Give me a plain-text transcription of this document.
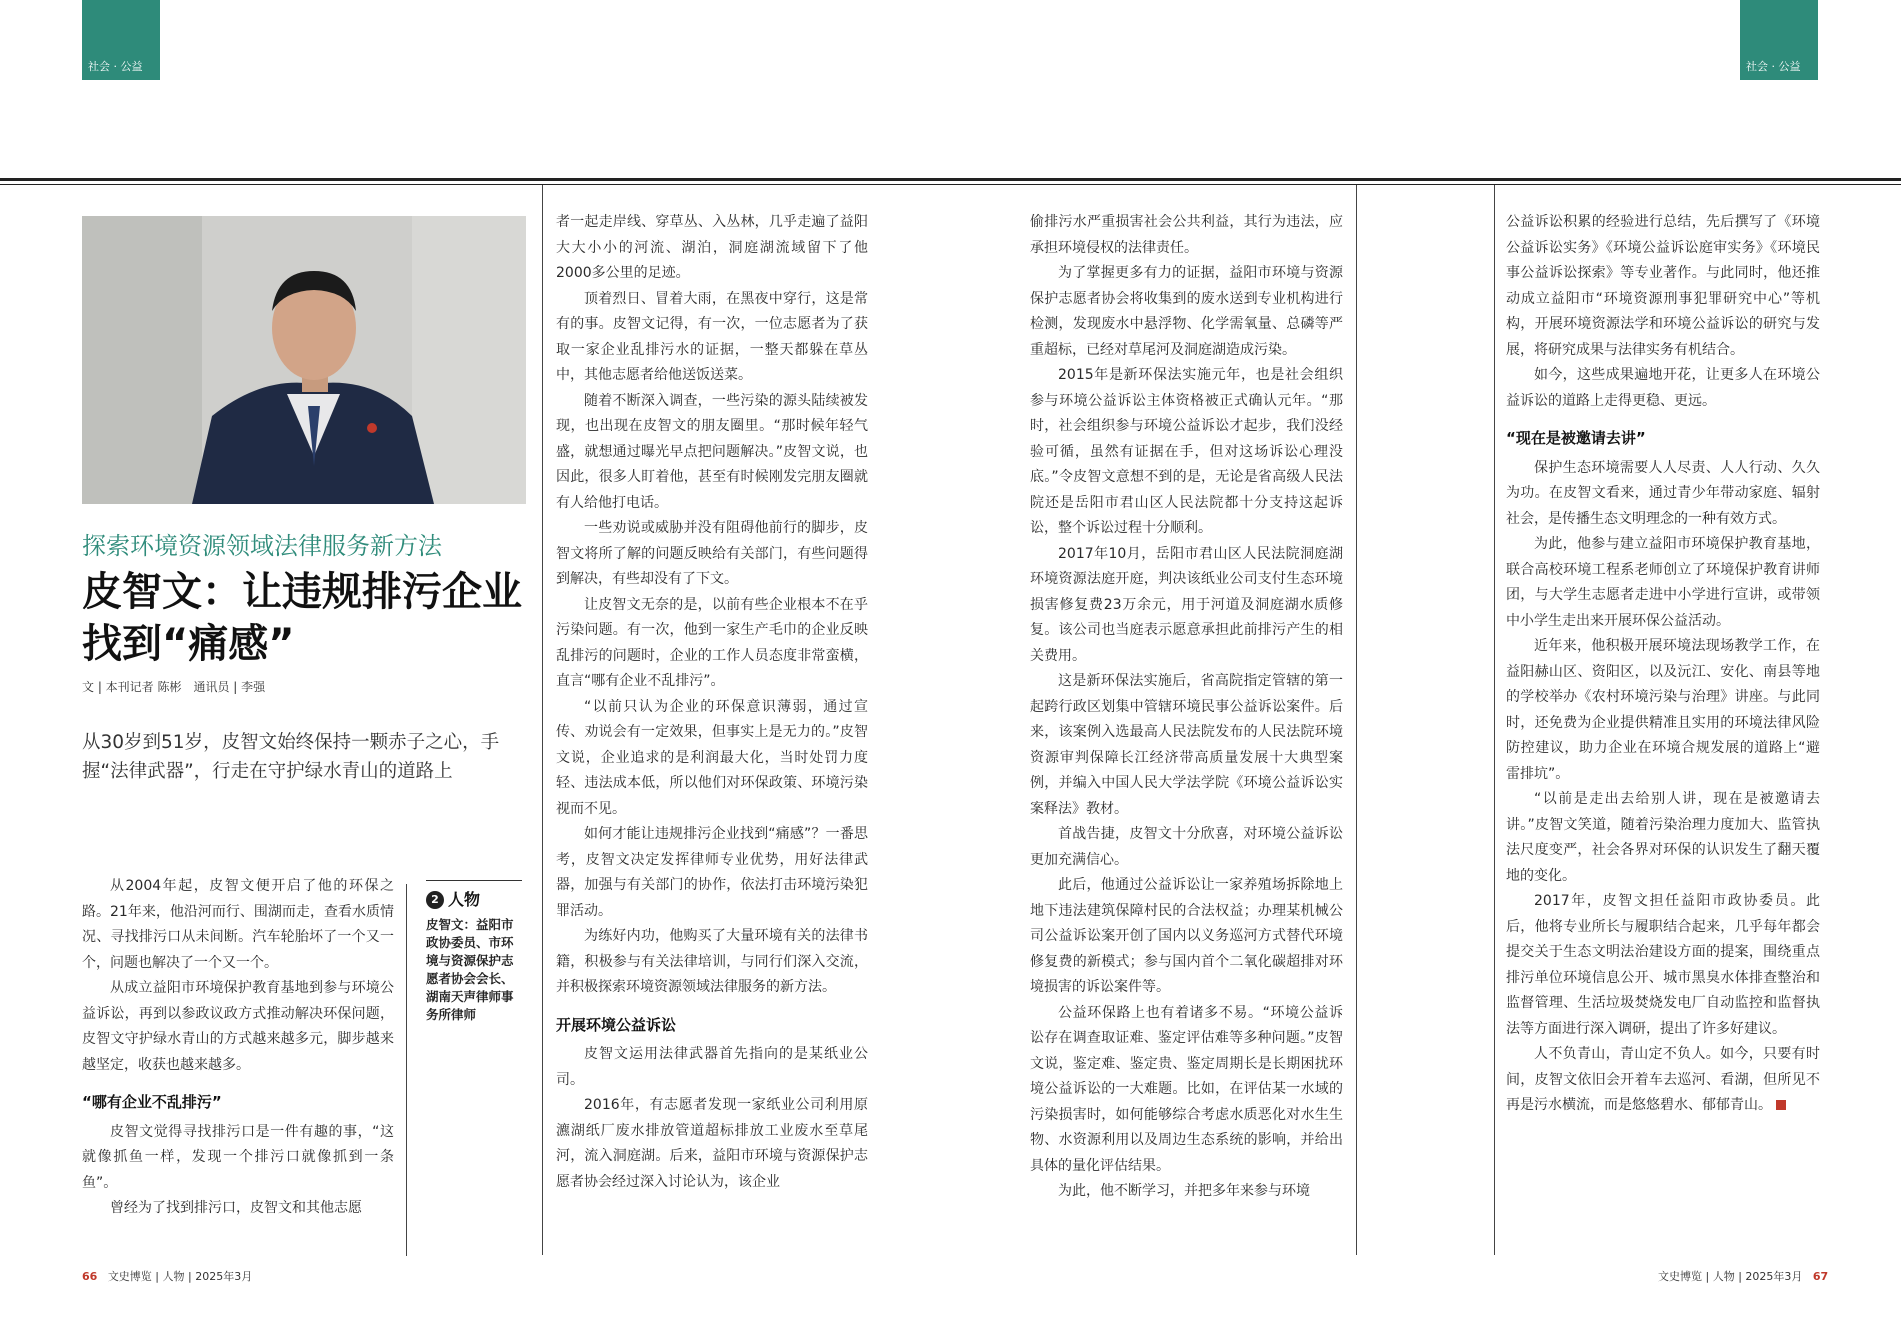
社会 · 公益	社会 · 公益
探索环境资源领域法律服务新方法
皮智文：让违规排污企业
找到“痛感”
文 | 本刊记者 陈彬　通讯员 | 李强
从30岁到51岁，皮智文始终保持一颗赤子之心，手握“法律武器”，行走在守护绿水青山的道路上

从2004年起，皮智文便开启了他的环保之路。21年来，他沿河而行、围湖而走，查看水质情况、寻找排污口从未间断。汽车轮胎坏了一个又一个，问题也解决了一个又一个。

从成立益阳市环境保护教育基地到参与环境公益诉讼，再到以参政议政方式推动解决环保问题，皮智文守护绿水青山的方式越来越多元，脚步越来越坚定，收获也越来越多。

“哪有企业不乱排污”

皮智文觉得寻找排污口是一件有趣的事，“这就像抓鱼一样，发现一个排污口就像抓到一条鱼”。

曾经为了找到排污口，皮智文和其他志愿

2 人物
皮智文：益阳市政协委员、市环境与资源保护志愿者协会会长、湖南天声律师事务所律师

者一起走岸线、穿草丛、入丛林，几乎走遍了益阳大大小小的河流、湖泊，洞庭湖流域留下了他2000多公里的足迹。

顶着烈日、冒着大雨，在黑夜中穿行，这是常有的事。皮智文记得，有一次，一位志愿者为了获取一家企业乱排污水的证据，一整天都躲在草丛中，其他志愿者给他送饭送菜。

随着不断深入调查，一些污染的源头陆续被发现，也出现在皮智文的朋友圈里。“那时候年轻气盛，就想通过曝光早点把问题解决。”皮智文说，也因此，很多人盯着他，甚至有时候刚发完朋友圈就有人给他打电话。

一些劝说或威胁并没有阻碍他前行的脚步，皮智文将所了解的问题反映给有关部门，有些问题得到解决，有些却没有了下文。

让皮智文无奈的是，以前有些企业根本不在乎污染问题。有一次，他到一家生产毛巾的企业反映乱排污的问题时，企业的工作人员态度非常蛮横，直言“哪有企业不乱排污”。

“以前只认为企业的环保意识薄弱，通过宣传、劝说会有一定效果，但事实上是无力的。”皮智文说，企业追求的是利润最大化，当时处罚力度轻、违法成本低，所以他们对环保政策、环境污染视而不见。

如何才能让违规排污企业找到“痛感”？一番思考，皮智文决定发挥律师专业优势，用好法律武器，加强与有关部门的协作，依法打击环境污染犯罪活动。

为练好内功，他购买了大量环境有关的法律书籍，积极参与有关法律培训，与同行们深入交流，并积极探索环境资源领域法律服务的新方法。

开展环境公益诉讼

皮智文运用法律武器首先指向的是某纸业公司。

2016年，有志愿者发现一家纸业公司利用原瀌湖纸厂废水排放管道超标排放工业废水至草尾河，流入洞庭湖。后来，益阳市环境与资源保护志愿者协会经过深入讨论认为，该企业

偷排污水严重损害社会公共利益，其行为违法，应承担环境侵权的法律责任。

为了掌握更多有力的证据，益阳市环境与资源保护志愿者协会将收集到的废水送到专业机构进行检测，发现废水中悬浮物、化学需氧量、总磷等严重超标，已经对草尾河及洞庭湖造成污染。

2015年是新环保法实施元年，也是社会组织参与环境公益诉讼主体资格被正式确认元年。“那时，社会组织参与环境公益诉讼才起步，我们没经验可循，虽然有证据在手，但对这场诉讼心理没底。”令皮智文意想不到的是，无论是省高级人民法院还是岳阳市君山区人民法院都十分支持这起诉讼，整个诉讼过程十分顺利。

2017年10月，岳阳市君山区人民法院洞庭湖环境资源法庭开庭，判决该纸业公司支付生态环境损害修复费23万余元，用于河道及洞庭湖水质修复。该公司也当庭表示愿意承担此前排污产生的相关费用。

这是新环保法实施后，省高院指定管辖的第一起跨行政区划集中管辖环境民事公益诉讼案件。后来，该案例入选最高人民法院发布的人民法院环境资源审判保障长江经济带高质量发展十大典型案例，并编入中国人民大学法学院《环境公益诉讼实案释法》教材。

首战告捷，皮智文十分欣喜，对环境公益诉讼更加充满信心。

此后，他通过公益诉讼让一家养殖场拆除地上地下违法建筑保障村民的合法权益；办理某机械公司公益诉讼案开创了国内以义务巡河方式替代环境修复费的新模式；参与国内首个二氧化碳超排对环境损害的诉讼案件等。

公益环保路上也有着诸多不易。“环境公益诉讼存在调查取证难、鉴定评估难等多种问题。”皮智文说，鉴定难、鉴定贵、鉴定周期长是长期困扰环境公益诉讼的一大难题。比如，在评估某一水域的污染损害时，如何能够综合考虑水质恶化对水生生物、水资源利用以及周边生态系统的影响，并给出具体的量化评估结果。

为此，他不断学习，并把多年来参与环境

公益诉讼积累的经验进行总结，先后撰写了《环境公益诉讼实务》《环境公益诉讼庭审实务》《环境民事公益诉讼探索》等专业著作。与此同时，他还推动成立益阳市“环境资源刑事犯罪研究中心”等机构，开展环境资源法学和环境公益诉讼的研究与发展，将研究成果与法律实务有机结合。

如今，这些成果遍地开花，让更多人在环境公益诉讼的道路上走得更稳、更远。

“现在是被邀请去讲”

保护生态环境需要人人尽责、人人行动、久久为功。在皮智文看来，通过青少年带动家庭、辐射社会，是传播生态文明理念的一种有效方式。

为此，他参与建立益阳市环境保护教育基地，联合高校环境工程系老师创立了环境保护教育讲师团，与大学生志愿者走进中小学进行宣讲，或带领中小学生走出来开展环保公益活动。

近年来，他积极开展环境法现场教学工作，在益阳赫山区、资阳区，以及沅江、安化、南县等地的学校举办《农村环境污染与治理》讲座。与此同时，还免费为企业提供精准且实用的环境法律风险防控建议，助力企业在环境合规发展的道路上“避雷排坑”。

“以前是走出去给别人讲，现在是被邀请去讲。”皮智文笑道，随着污染治理力度加大、监管执法尺度变严，社会各界对环保的认识发生了翻天覆地的变化。

2017年，皮智文担任益阳市政协委员。此后，他将专业所长与履职结合起来，几乎每年都会提交关于生态文明法治建设方面的提案，围绕重点排污单位环境信息公开、城市黑臭水体排查整治和监督管理、生活垃圾焚烧发电厂自动监控和监督执法等方面进行深入调研，提出了许多好建议。

人不负青山，青山定不负人。如今，只要有时间，皮智文依旧会开着车去巡河、看湖，但所见不再是污水横流，而是悠悠碧水、郁郁青山。

66 文史博览 | 人物 | 2025年3月	文史博览 | 人物 | 2025年3月 67
